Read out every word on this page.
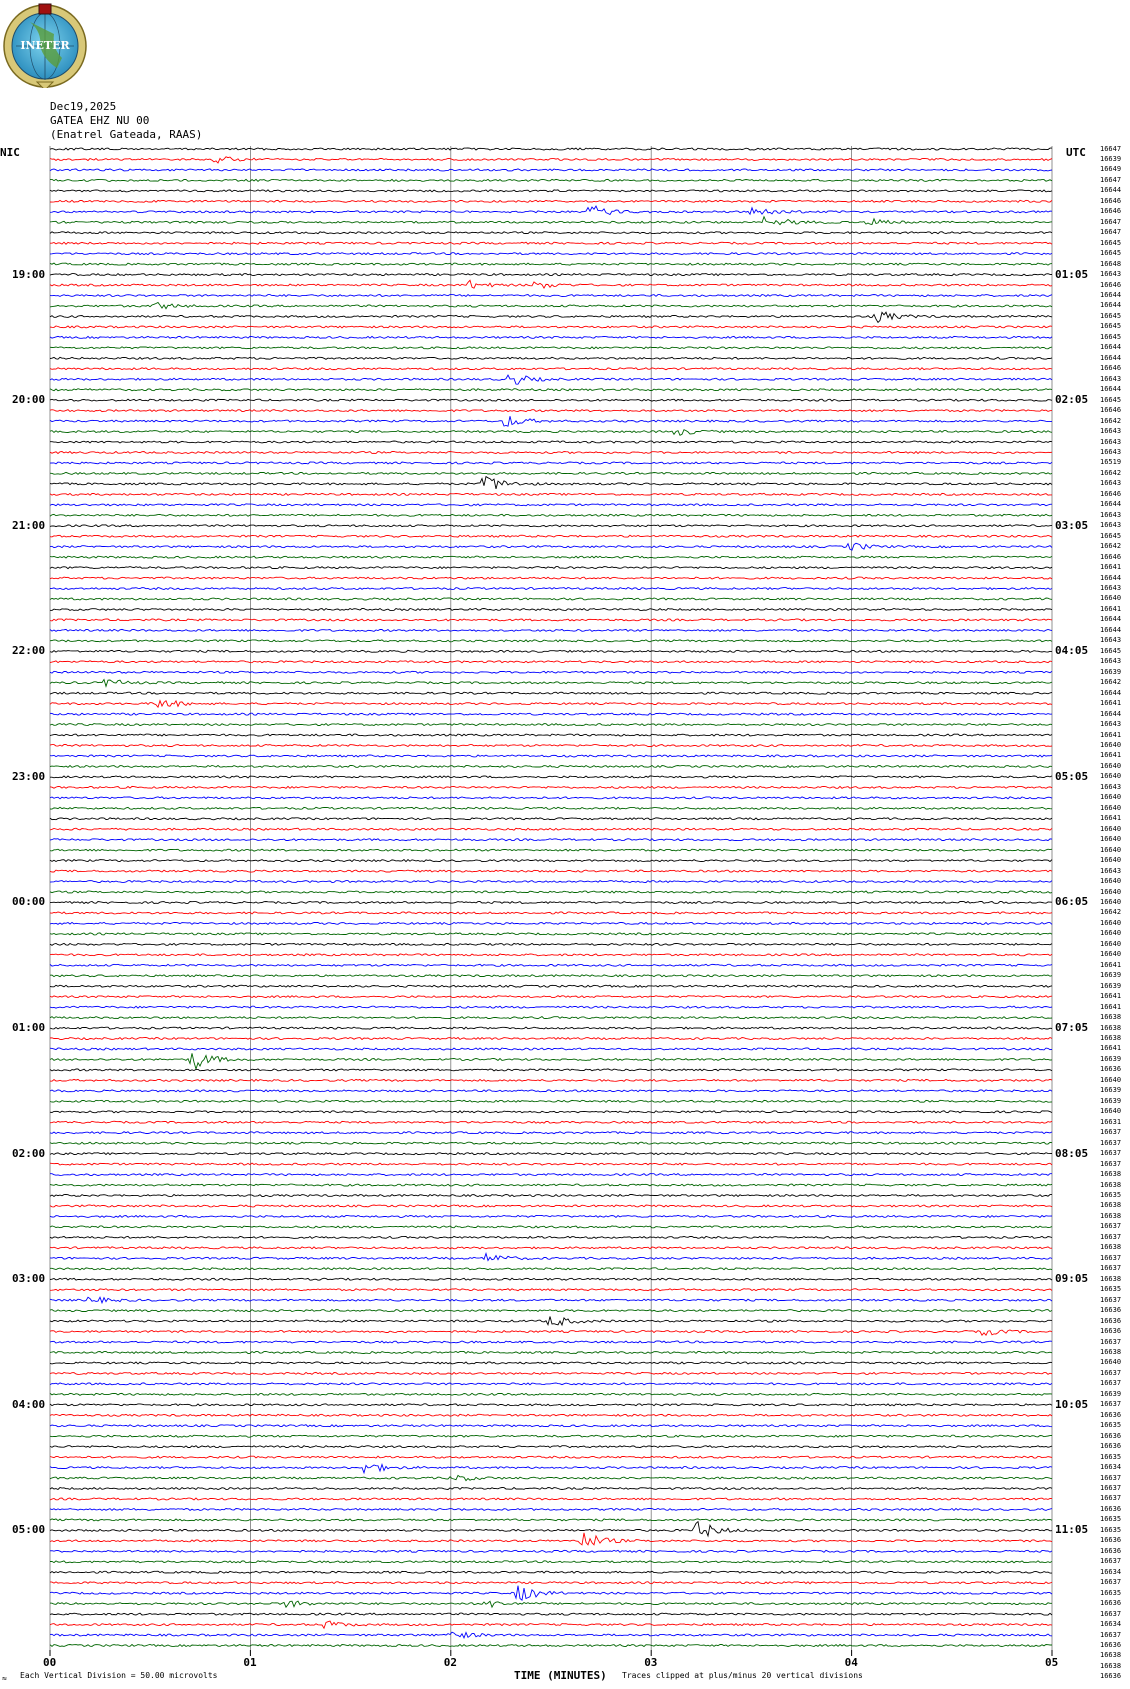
INETER
Dec19,2025
GATEA EHZ NU 00
(Enatrel Gateada, RAAS)
NIC	UTC
19:00
20:00
21:00
22:00
23:00
00:00
01:00
02:00
03:00
04:00
05:00
01:05
02:05
03:05
04:05
05:05
06:05
07:05
08:05
09:05
10:05
11:05
16647
16639
16649
16647
16644
16646
16646
16647
16647
16645
16645
16648
16643
16646
16644
16644
16645
16645
16645
16644
16644
16646
16643
16644
16645
16646
16642
16643
16643
16643
16519
16642
16643
16646
16644
16643
16643
16645
16642
16646
16641
16644
16643
16640
16641
16644
16644
16643
16645
16643
16639
16642
16644
16641
16644
16643
16641
16640
16641
16640
16640
16643
16640
16640
16641
16640
16640
16640
16640
16643
16640
16640
16640
16642
16640
16640
16640
16640
16641
16639
16639
16641
16641
16638
16638
16638
16641
16639
16636
16640
16639
16639
16640
16631
16637
16637
16637
16637
16638
16638
16635
16638
16638
16637
16637
16638
16637
16637
16638
16635
16637
16636
16636
16636
16637
16638
16640
16637
16637
16639
16637
16636
16635
16636
16636
16635
16634
16637
16637
16637
16636
16635
16635
16636
16636
16637
16634
16637
16635
16636
16637
16634
16637
16636
16638
16638
16636
00	01	02	03	04	05
TIME (MINUTES)
≈ Each Vertical Division = 50.00 microvolts	Traces clipped at plus/minus 20 vertical divisions
